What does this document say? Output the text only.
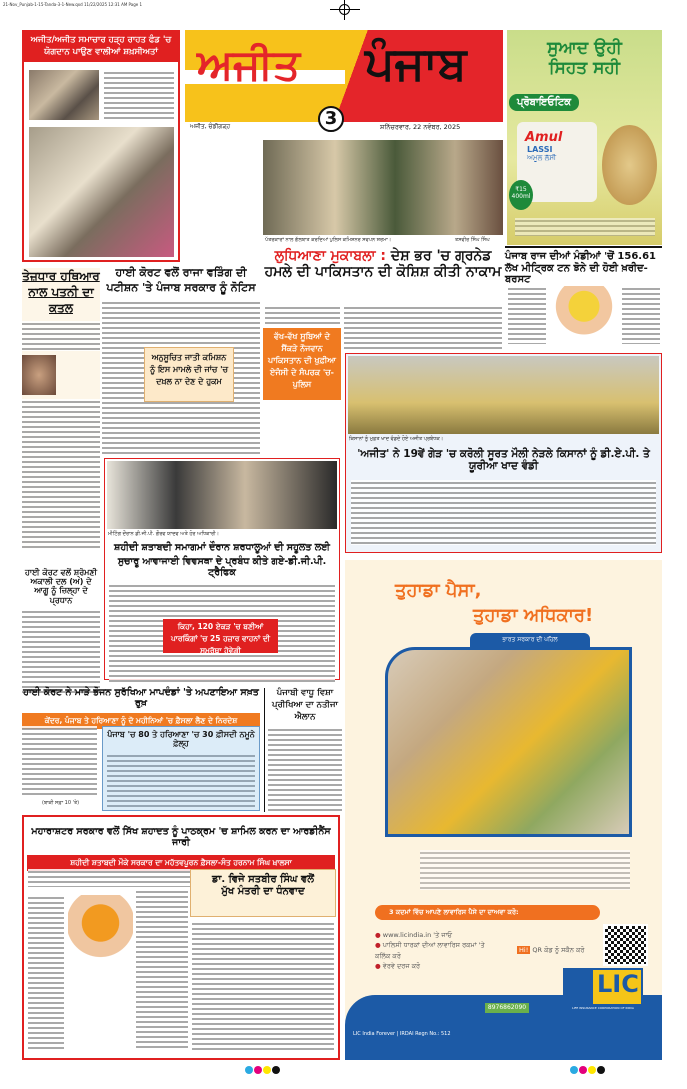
21-Nov_Punjab-1-15-Tanda-3-1-New.qxd 11/22/2025 12:31 AM Page 1
ਅਜੀਤ/ਅਜੀਤ ਸਮਾਚਾਰ ਹੜ੍ਹ ਰਾਹਤ ਫੰਡ 'ਚ ਯੋਗਦਾਨ ਪਾਉਣ ਵਾਲੀਆਂ ਸ਼ਖ਼ਸੀਅਤਾਂ ਅਜੀਤ ਪੰਜਾਬ
3
ਅਜੀਤ, ਚੰਡੀਗੜ੍ਹ	ਸ਼ਨਿੱਚਰਵਾਰ, 22 ਨਵੰਬਰ, 2025
ਸੁਆਦ ਉਹੀ
ਸਿਹਤ ਸਹੀ
ਪ੍ਰੋਬਾਇਓਟਿਕ
Amul
LASSI
ਅਮੂਲ ਲੱਸੀ
₹15
400ml
ਪੱਤਰਕਾਰਾਂ ਨਾਲ ਗੱਲਬਾਤ ਕਰਦਿਆਂ ਪੁਲਿਸ ਕਮਿਸ਼ਨਰ ਸਵਪਨ ਸ਼ਰਮਾ।	ਤਸਵੀਰ ਸਿੰਘ ਸਿੰਘ
ਲੁਧਿਆਣਾ ਮੁਕਾਬਲਾ : ਦੇਸ਼ ਭਰ 'ਚ ਗ੍ਰਨੇਡ
ਹਮਲੇ ਦੀ ਪਾਕਿਸਤਾਨ ਦੀ ਕੋਸ਼ਿਸ਼ ਕੀਤੀ ਨਾਕਾਮ
ਵੱਖ-ਵੱਖ ਸੂਬਿਆਂ ਦੇ ਸੈਂਕੜੇ ਨੌਜਵਾਨ ਪਾਕਿਸਤਾਨ ਦੀ ਖੁਫ਼ੀਆ ਏਜੰਸੀ ਦੇ ਸੰਪਰਕ 'ਚ-ਪੁਲਿਸ
ਪੰਜਾਬ ਰਾਜ ਦੀਆਂ ਮੰਡੀਆਂ 'ਚੋਂ 156.61 ਲੱਖ ਮੀਟ੍ਰਿਕ ਟਨ ਝੋਨੇ ਦੀ ਹੋਈ ਖ਼ਰੀਦ-ਬਰਸਟ
ਤੇਜ਼ਧਾਰ ਹਥਿਆਰ ਨਾਲ ਪਤਨੀ ਦਾ ਕਤਲ
ਹਾਈ ਕੋਰਟ ਵਲੋਂ ਰਾਜਾ ਵੜਿੰਗ ਦੀ ਪਟੀਸ਼ਨ 'ਤੇ ਪੰਜਾਬ ਸਰਕਾਰ ਨੂੰ ਨੋਟਿਸ
ਅਨੁਸੂਚਿਤ ਜਾਤੀ ਕਮਿਸ਼ਨ ਨੂੰ ਇਸ ਮਾਮਲੇ ਦੀ ਜਾਂਚ 'ਚ ਦਖ਼ਲ ਨਾ ਦੇਣ ਦੇ ਹੁਕਮ
ਹਾਈ ਕੋਰਟ ਵਲੋਂ ਸ਼੍ਰੋਮਣੀ ਅਕਾਲੀ ਦਲ (ਅ) ਦੇ ਆਗੂ ਨੂੰ ਜ਼ਿਲ੍ਹਾ ਦੇ ਪ੍ਰਧਾਨ
ਕਿਸਾਨਾਂ ਨੂੰ ਮੁਫ਼ਤ ਖਾਦ ਵੰਡਦੇ ਹੋਏ ਅਜੀਤ ਪ੍ਰਬੰਧਕ।
'ਅਜੀਤ' ਨੇ 19ਵੇਂ ਗੇੜ 'ਚ ਕਰੋਲੀ ਸੂਰਤ ਮੌਲੀ ਨੇੜਲੇ ਕਿਸਾਨਾਂ ਨੂੰ ਡੀ.ਏ.ਪੀ. ਤੇ ਯੂਰੀਆ ਖਾਦ ਵੰਡੀ
ਮੀਟਿੰਗ ਦੌਰਾਨ ਡੀ.ਜੀ.ਪੀ. ਗੌਰਵ ਯਾਦਵ ਅਤੇ ਹੋਰ ਅਧਿਕਾਰੀ।
ਸ਼ਹੀਦੀ ਸ਼ਤਾਬਦੀ ਸਮਾਗਮਾਂ ਦੌਰਾਨ ਸ਼ਰਧਾਲੂਆਂ ਦੀ ਸਹੂਲਤ ਲਈ
ਸੁਚਾਰੂ ਆਵਾਜਾਈ ਵਿਵਸਥਾ ਦੇ ਪ੍ਰਬੰਧ ਕੀਤੇ ਗਏ-ਡੀ.ਜੀ.ਪੀ. ਟ੍ਰੈਫਿਕ
ਕਿਹਾ, 120 ਏਕੜ 'ਚ ਬਣੀਆਂ ਪਾਰਕਿੰਗਾਂ 'ਚ 25 ਹਜ਼ਾਰ ਵਾਹਨਾਂ ਦੀ ਸਮਰੱਥਾ ਹੋਵੇਗੀ
ਹਾਈ ਕੋਰਟ ਨੇ ਮਾੜੇ ਭੋਜਨ ਸੁਰੱਖਿਆ ਮਾਪਦੰਡਾਂ 'ਤੇ ਅਪਣਾਇਆ ਸਖ਼ਤ ਰੁਖ਼
ਕੇਂਦਰ, ਪੰਜਾਬ ਤੇ ਹਰਿਆਣਾ ਨੂੰ ਦੋ ਮਹੀਨਿਆਂ 'ਚ ਫ਼ੈਸਲਾ ਲੈਣ ਦੇ ਨਿਰਦੇਸ਼
ਪੰਜਾਬ 'ਚ 80 ਤੇ ਹਰਿਆਣਾ 'ਚ 30 ਫ਼ੀਸਦੀ ਨਮੂਨੇ ਫ਼ੇਲ੍ਹ
(ਬਾਕੀ ਸਫ਼ਾ 10 'ਤੇ)
ਪੰਜਾਬੀ ਵਾਧੂ ਵਿਸ਼ਾ ਪ੍ਰੀਖਿਆ ਦਾ ਨਤੀਜਾ ਐਲਾਨ
ਮਹਾਰਾਸ਼ਟਰ ਸਰਕਾਰ ਵਲੋਂ ਸਿੱਖ ਸ਼ਹਾਦਤ ਨੂੰ ਪਾਠਕ੍ਰਮ 'ਚ ਸ਼ਾਮਿਲ ਕਰਨ ਦਾ ਆਰਡੀਨੈਂਸ ਜਾਰੀ
ਸ਼ਹੀਦੀ ਸ਼ਤਾਬਦੀ ਮੌਕੇ ਸਰਕਾਰ ਦਾ ਮਹੱਤਵਪੂਰਨ ਫ਼ੈਸਲਾ-ਸੰਤ ਹਰਨਾਮ ਸਿੰਘ ਖ਼ਾਲਸਾ
ਡਾ. ਵਿਜੇ ਸਤਬੀਰ ਸਿੰਘ ਵਲੋਂ
ਮੁੱਖ ਮੰਤਰੀ ਦਾ ਧੰਨਵਾਦ
ਤੁਹਾਡਾ ਪੈਸਾ,
ਤੁਹਾਡਾ ਅਧਿਕਾਰ!
ਭਾਰਤ ਸਰਕਾਰ ਦੀ ਪਹਿਲ
3 ਕਦਮਾਂ ਵਿੱਚ ਆਪਣੇ ਲਾਵਾਰਿਸ ਪੈਸੇ ਦਾ ਦਾਅਵਾ ਕਰੋ:
● www.licindia.in 'ਤੇ ਜਾਓ
● ਪਾਲਿਸੀ ਧਾਰਕਾਂ ਦੀਆਂ ਲਾਵਾਰਿਸ ਰਕਮਾਂ 'ਤੇ ਕਲਿੱਕ ਕਰੋ
● ਵੇਰਵੇ ਦਰਜ ਕਰੋ
Hi! QR ਕੋਡ ਨੂੰ ਸਕੈਨ ਕਰੋ
8976862090
LIC India Forever | IRDAI Regn No.: 512
LIC
LIFE INSURANCE CORPORATION OF INDIA
